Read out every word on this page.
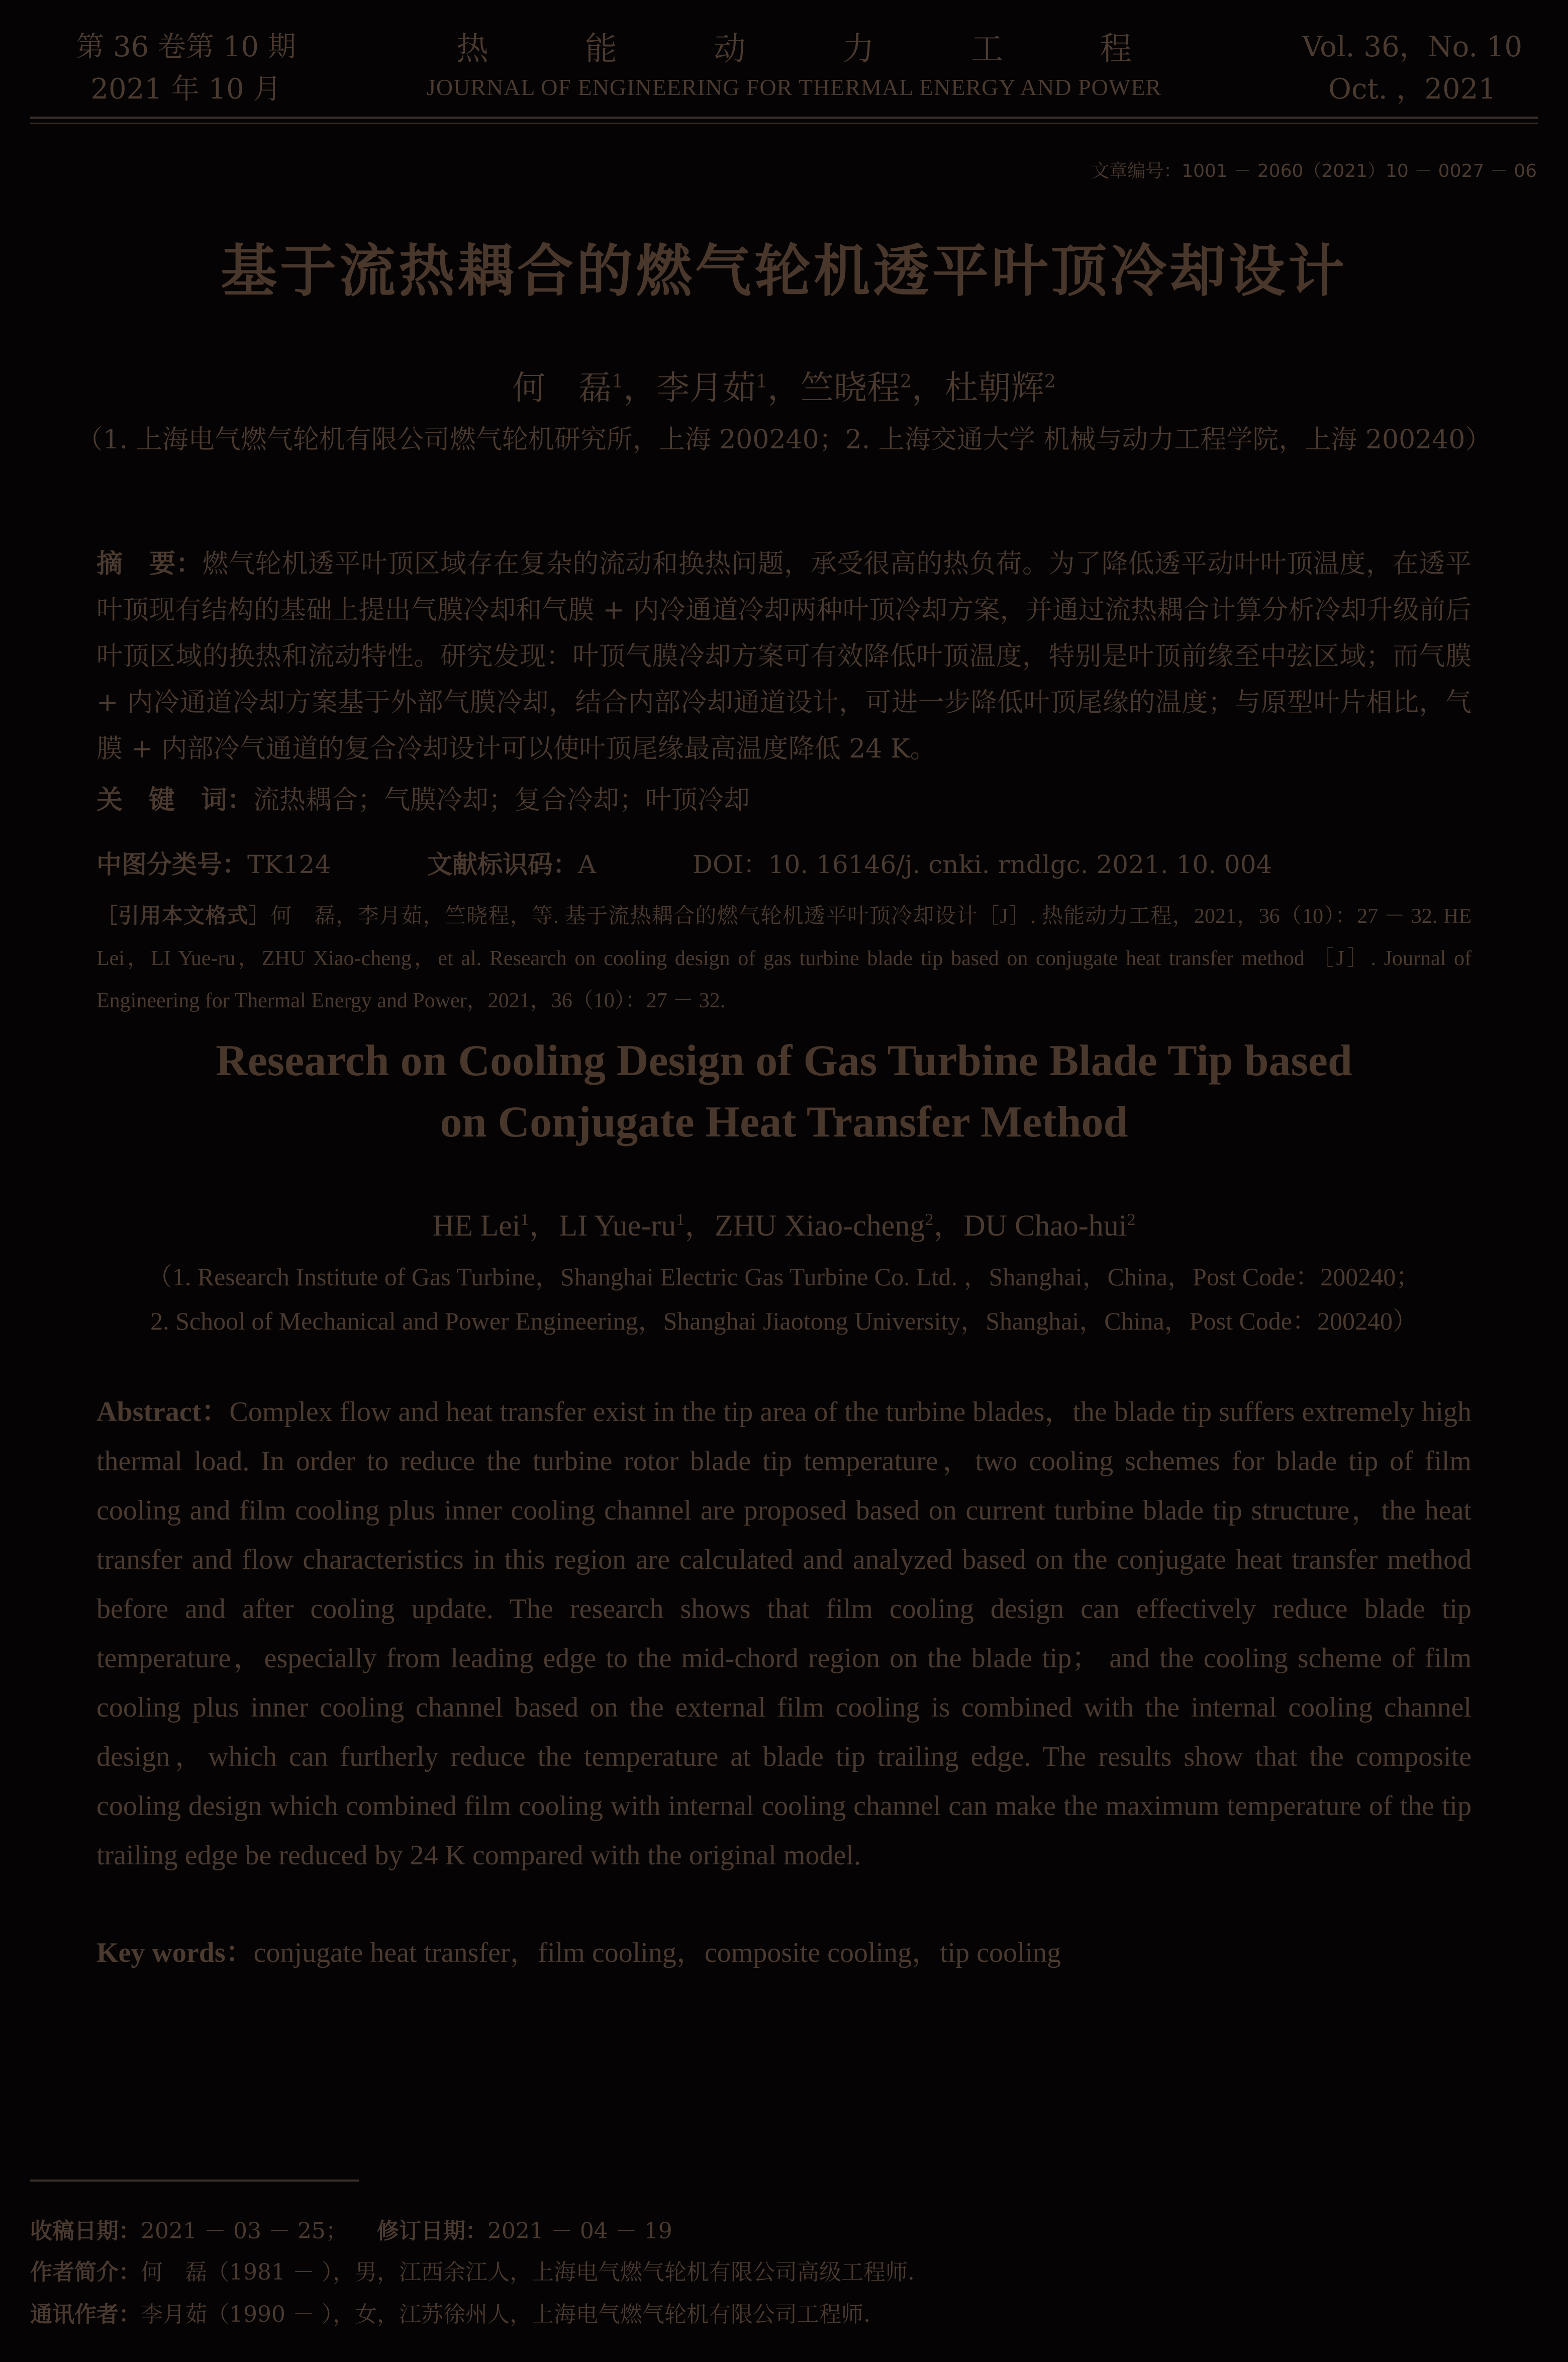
第 36 卷第 10 期
2021 年 10 月
热　　　能　　　动　　　力　　　工　　　程
JOURNAL OF ENGINEERING FOR THERMAL ENERGY AND POWER
Vol. 36，No. 10
Oct. ，2021
文章编号：1001 － 2060（2021）10 － 0027 － 06
基于流热耦合的燃气轮机透平叶顶冷却设计
何　磊$^1$，李月茹$^1$，竺晓程$^2$，杜朝辉$^2$
（1. 上海电气燃气轮机有限公司燃气轮机研究所，上海 200240；2. 上海交通大学 机械与动力工程学院，上海 200240）
摘　要：燃气轮机透平叶顶区域存在复杂的流动和换热问题，承受很高的热负荷。为了降低透平动叶叶顶温度，在透平叶顶现有结构的基础上提出气膜冷却和气膜 + 内冷通道冷却两种叶顶冷却方案，并通过流热耦合计算分析冷却升级前后叶顶区域的换热和流动特性。研究发现：叶顶气膜冷却方案可有效降低叶顶温度，特别是叶顶前缘至中弦区域；而气膜 + 内冷通道冷却方案基于外部气膜冷却，结合内部冷却通道设计，可进一步降低叶顶尾缘的温度；与原型叶片相比，气膜 + 内部冷气通道的复合冷却设计可以使叶顶尾缘最高温度降低 24 K。
关　键　词：流热耦合；气膜冷却；复合冷却；叶顶冷却
中图分类号：TK124	文献标识码：A	DOI：10. 16146/j. cnki. rndlgc. 2021. 10. 004
［引用本文格式］何　磊，李月茹，竺晓程，等. 基于流热耦合的燃气轮机透平叶顶冷却设计［J］. 热能动力工程，2021，36（10）：27 － 32. HE Lei，LI Yue-ru，ZHU Xiao-cheng，et al. Research on cooling design of gas turbine blade tip based on conjugate heat transfer method ［J］. Journal of Engineering for Thermal Energy and Power，2021，36（10）：27 － 32.
Research on Cooling Design of Gas Turbine Blade Tip based
on Conjugate Heat Transfer Method
HE Lei$^1$，LI Yue-$ru^1$，ZHU Xiao-cheng$^2$，DU Chao-hui$^2$
（1. Research Institute of Gas Turbine，Shanghai Electric Gas Turbine Co. Ltd. ，Shanghai，China，Post Code：200240；
2. School of Mechanical and Power Engineering，Shanghai Jiaotong University，Shanghai，China，Post Code：200240）
Abstract：Complex flow and heat transfer exist in the tip area of the turbine blades，the blade tip suffers extremely high thermal load. In order to reduce the turbine rotor blade tip temperature，two cooling schemes for blade tip of film cooling and film cooling plus inner cooling channel are proposed based on current turbine blade tip structure，the heat transfer and flow characteristics in this region are calculated and analyzed based on the conjugate heat transfer method before and after cooling update. The research shows that film cooling design can effectively reduce blade tip temperature，especially from leading edge to the mid-chord region on the blade tip； and the cooling scheme of film cooling plus inner cooling channel based on the external film cooling is combined with the internal cooling channel design，which can furtherly reduce the temperature at blade tip trailing edge. The results show that the composite cooling design which combined film cooling with internal cooling channel can make the maximum temperature of the tip trailing edge be reduced by 24 K compared with the original model.
Key words：conjugate heat transfer，film cooling，composite cooling，tip cooling
收稿日期：2021 － 03 － 25； 修订日期：2021 － 04 － 19
作者简介：何　磊（1981 － ），男，江西余江人，上海电气燃气轮机有限公司高级工程师.
通讯作者：李月茹（1990 － ），女，江苏徐州人，上海电气燃气轮机有限公司工程师.
